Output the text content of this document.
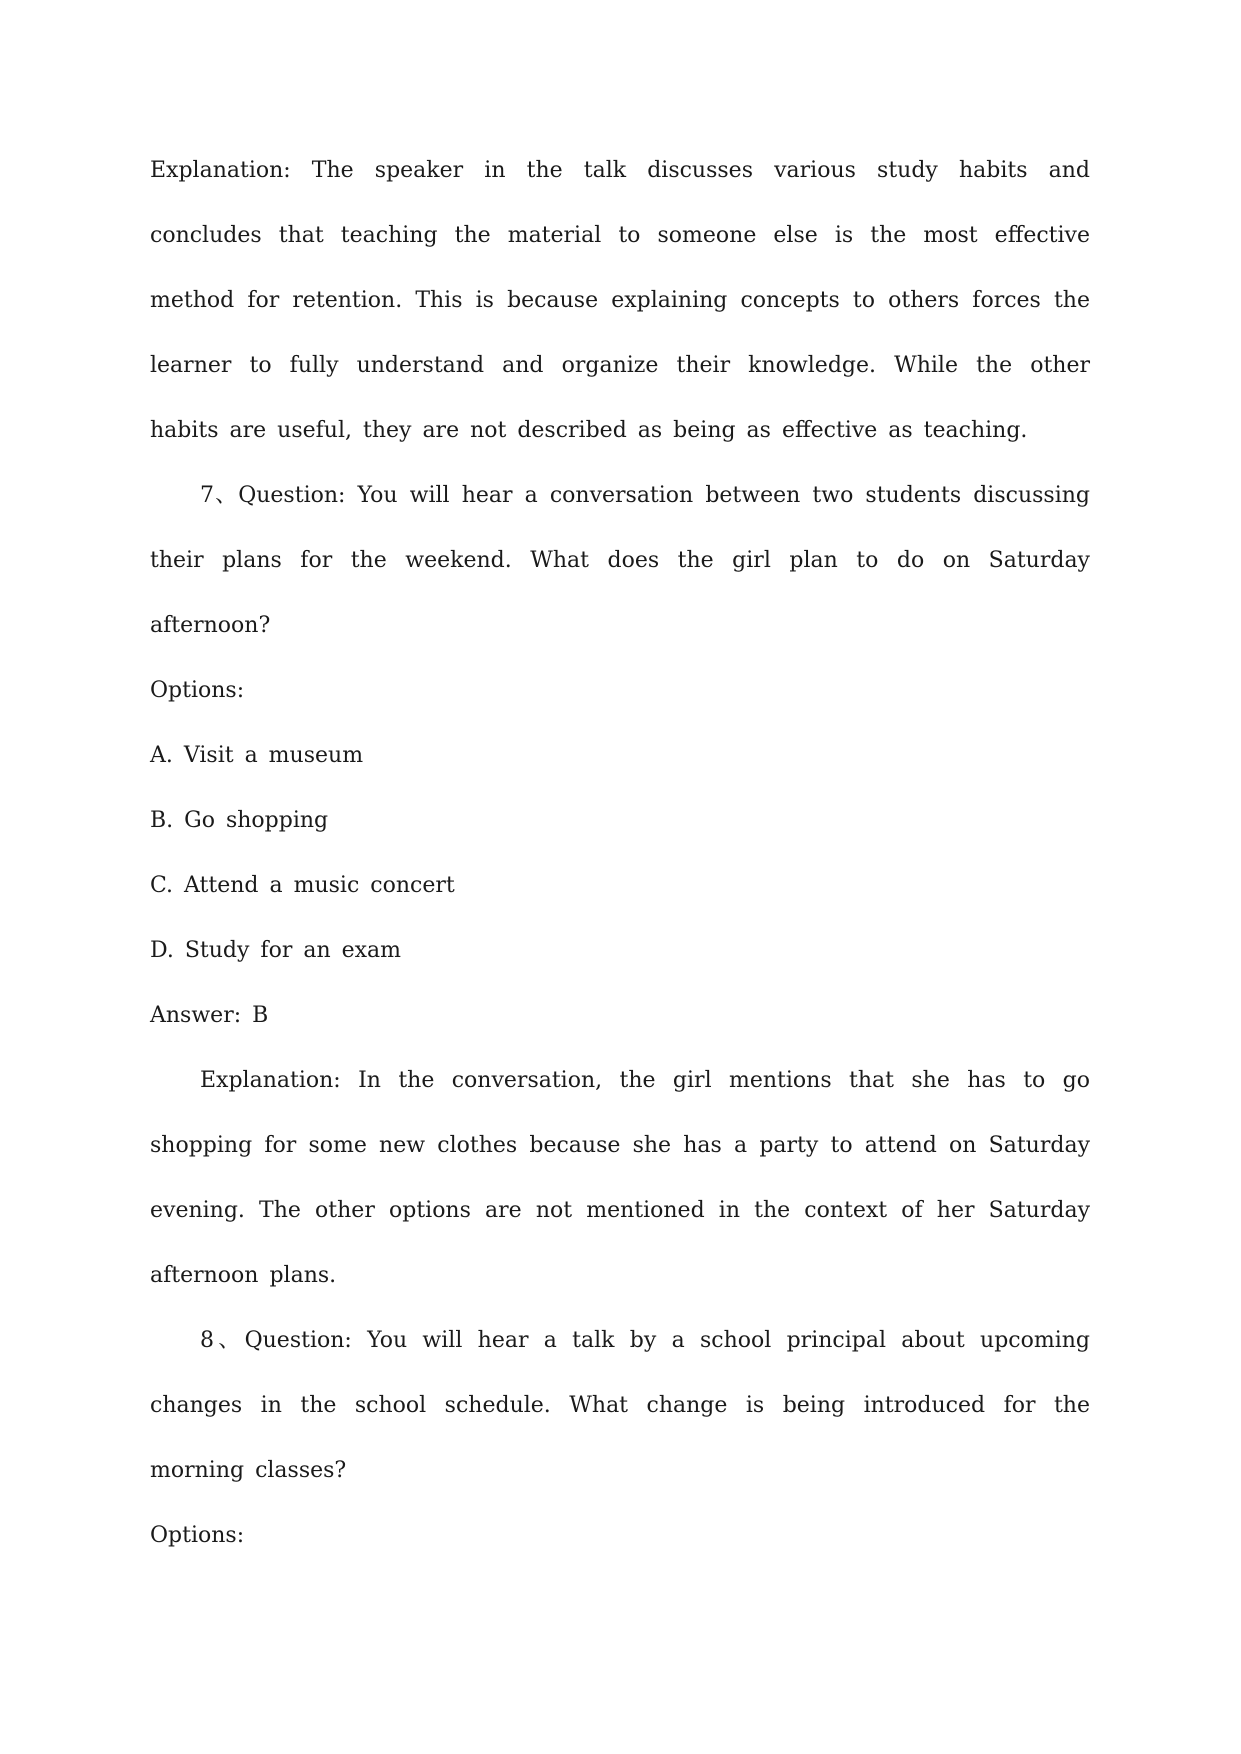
Explanation: The speaker in the talk discusses various study habits and concludes that teaching the material to someone else is the most effective method for retention. This is because explaining concepts to others forces the learner to fully understand and organize their knowledge. While the other habits are useful, they are not described as being as effective as teaching.

7、Question: You will hear a conversation between two students discussing their plans for the weekend. What does the girl plan to do on Saturday afternoon?

Options:

A. Visit a museum

B. Go shopping

C. Attend a music concert

D. Study for an exam

Answer: B

Explanation: In the conversation, the girl mentions that she has to go shopping for some new clothes because she has a party to attend on Saturday evening. The other options are not mentioned in the context of her Saturday afternoon plans.

8、Question: You will hear a talk by a school principal about upcoming changes in the school schedule. What change is being introduced for the morning classes?

Options:
